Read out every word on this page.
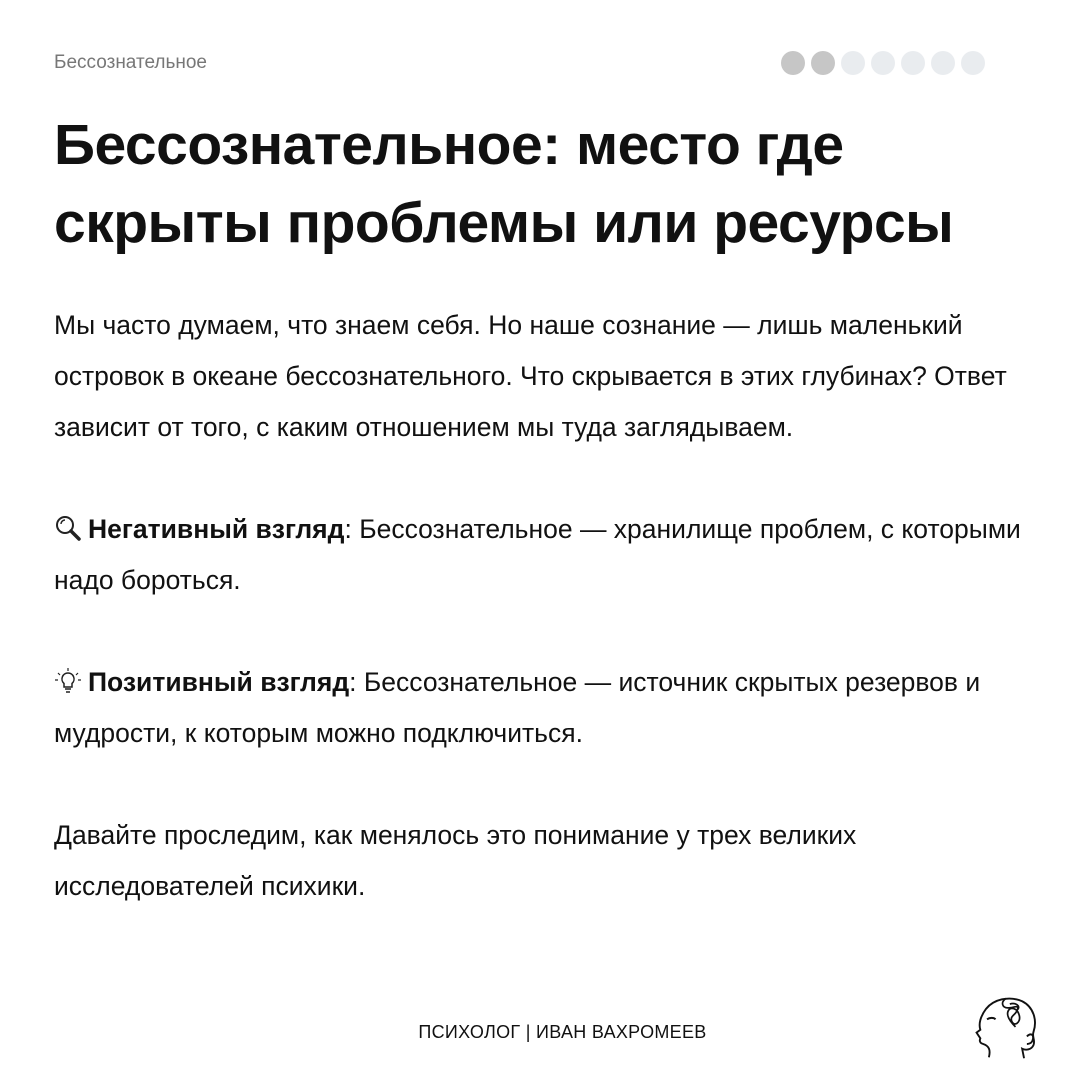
Бессознательное
Бессознательное: место где скрыты проблемы или ресурсы

Мы часто думаем, что знаем себя. Но наше сознание — лишь маленький островок в океане бессознательного. Что скрывается в этих глубинах? Ответ зависит от того, с каким отношением мы туда заглядываем.

Негативный взгляд: Бессознательное — хранилище проблем, с которыми надо бороться.

Позитивный взгляд: Бессознательное — источник скрытых резервов и мудрости, к которым можно подключиться.

Давайте проследим, как менялось это понимание у трех великих исследователей психики.

ПСИХОЛОГ | ИВАН ВАХРОМЕЕВ
